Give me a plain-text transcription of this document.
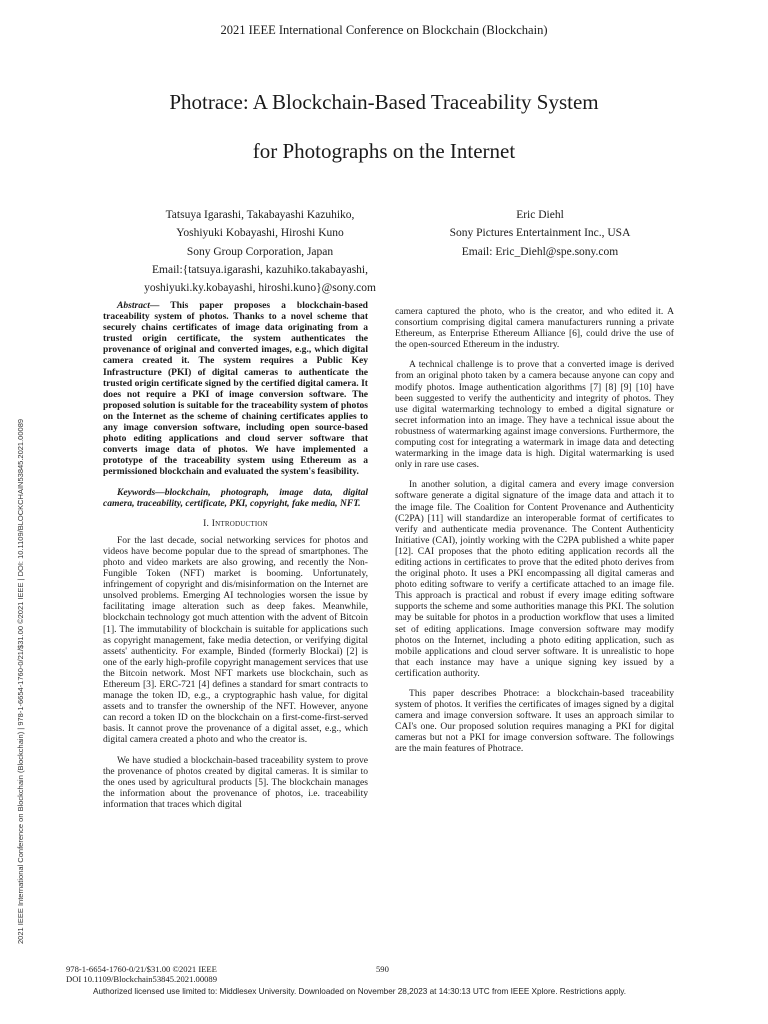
2021 IEEE International Conference on Blockchain (Blockchain)
Photrace: A Blockchain-Based Traceability System
for Photographs on the Internet
Tatsuya Igarashi, Takabayashi Kazuhiko,
Yoshiyuki Kobayashi, Hiroshi Kuno
Sony Group Corporation, Japan
Email:{tatsuya.igarashi, kazuhiko.takabayashi,
yoshiyuki.ky.kobayashi, hiroshi.kuno}@sony.com
Eric Diehl
Sony Pictures Entertainment Inc., USA
Email: Eric_Diehl@spe.sony.com
2021 IEEE International Conference on Blockchain (Blockchain) | 978-1-6654-1760-0/21/$31.00 ©2021 IEEE | DOI: 10.1109/BLOCKCHAIN53845.2021.00089

Abstract— This paper proposes a blockchain-based traceability system of photos. Thanks to a novel scheme that securely chains certificates of image data originating from a trusted origin certificate, the system authenticates the provenance of original and converted images, e.g., which digital camera created it. The system requires a Public Key Infrastructure (PKI) of digital cameras to authenticate the trusted origin certificate signed by the certified digital camera. It does not require a PKI of image conversion software. The proposed solution is suitable for the traceability system of photos on the Internet as the scheme of chaining certificates applies to any image conversion software, including open source-based photo editing applications and cloud server software that converts image data of photos. We have implemented a prototype of the traceability system using Ethereum as a permissioned blockchain and evaluated the system's feasibility.

Keywords—blockchain, photograph, image data, digital camera, traceability, certificate, PKI, copyright, fake media, NFT.

I. Introduction

For the last decade, social networking services for photos and videos have become popular due to the spread of smartphones. The photo and video markets are also growing, and recently the Non-Fungible Token (NFT) market is booming. Unfortunately, infringement of copyright and dis/misinformation on the Internet are unsolved problems. Emerging AI technologies worsen the issue by facilitating image alteration such as deep fakes. Meanwhile, blockchain technology got much attention with the advent of Bitcoin [1]. The immutability of blockchain is suitable for applications such as copyright management, fake media detection, or verifying digital assets' authenticity. For example, Binded (formerly Blockai) [2] is one of the early high-profile copyright management services that use the Bitcoin network. Most NFT markets use blockchain, such as Ethereum [3]. ERC-721 [4] defines a standard for smart contracts to manage the token ID, e.g., a cryptographic hash value, for digital assets and to transfer the ownership of the NFT. However, anyone can record a token ID on the blockchain on a first-come-first-served basis. It cannot prove the provenance of a digital asset, e.g., which digital camera created a photo and who the creator is.

We have studied a blockchain-based traceability system to prove the provenance of photos created by digital cameras. It is similar to the ones used by agricultural products [5]. The blockchain manages the information about the provenance of photos, i.e. traceability information that traces which digital

camera captured the photo, who is the creator, and who edited it. A consortium comprising digital camera manufacturers running a private Ethereum, as Enterprise Ethereum Alliance [6], could drive the use of the open-sourced Ethereum in the industry.

A technical challenge is to prove that a converted image is derived from an original photo taken by a camera because anyone can copy and modify photos. Image authentication algorithms [7] [8] [9] [10] have been suggested to verify the authenticity and integrity of photos. They use digital watermarking technology to embed a digital signature or secret information into an image. They have a technical issue about the robustness of watermarking against image conversions. Furthermore, the computing cost for integrating a watermark in image data and detecting watermarking in the image data is high. Digital watermarking is used only in rare use cases.

In another solution, a digital camera and every image conversion software generate a digital signature of the image data and attach it to the image file. The Coalition for Content Provenance and Authenticity (C2PA) [11] will standardize an interoperable format of certificates to verify and authenticate media provenance. The Content Authenticity Initiative (CAI), jointly working with the C2PA published a white paper [12]. CAI proposes that the photo editing application records all the editing actions in certificates to prove that the edited photo derives from the original photo. It uses a PKI encompassing all digital cameras and photo editing software to verify a certificate attached to an image file. This approach is practical and robust if every image editing software supports the scheme and some authorities manage this PKI. The solution may be suitable for photos in a production workflow that uses a limited set of editing applications. Image conversion software may modify photos on the Internet, including a photo editing application, such as mobile applications and cloud server software. It is unrealistic to hope that each instance may have a unique signing key issued by a certification authority.

This paper describes Photrace: a blockchain-based traceability system of photos. It verifies the certificates of images signed by a digital camera and image conversion software. It uses an approach similar to CAI's one. Our proposed solution requires managing a PKI for digital cameras but not a PKI for image conversion software. The followings are the main features of Photrace.

978-1-6654-1760-0/21/$31.00 ©2021 IEEE
DOI 10.1109/Blockchain53845.2021.00089
590
Authorized licensed use limited to: Middlesex University. Downloaded on November 28,2023 at 14:30:13 UTC from IEEE Xplore. Restrictions apply.
